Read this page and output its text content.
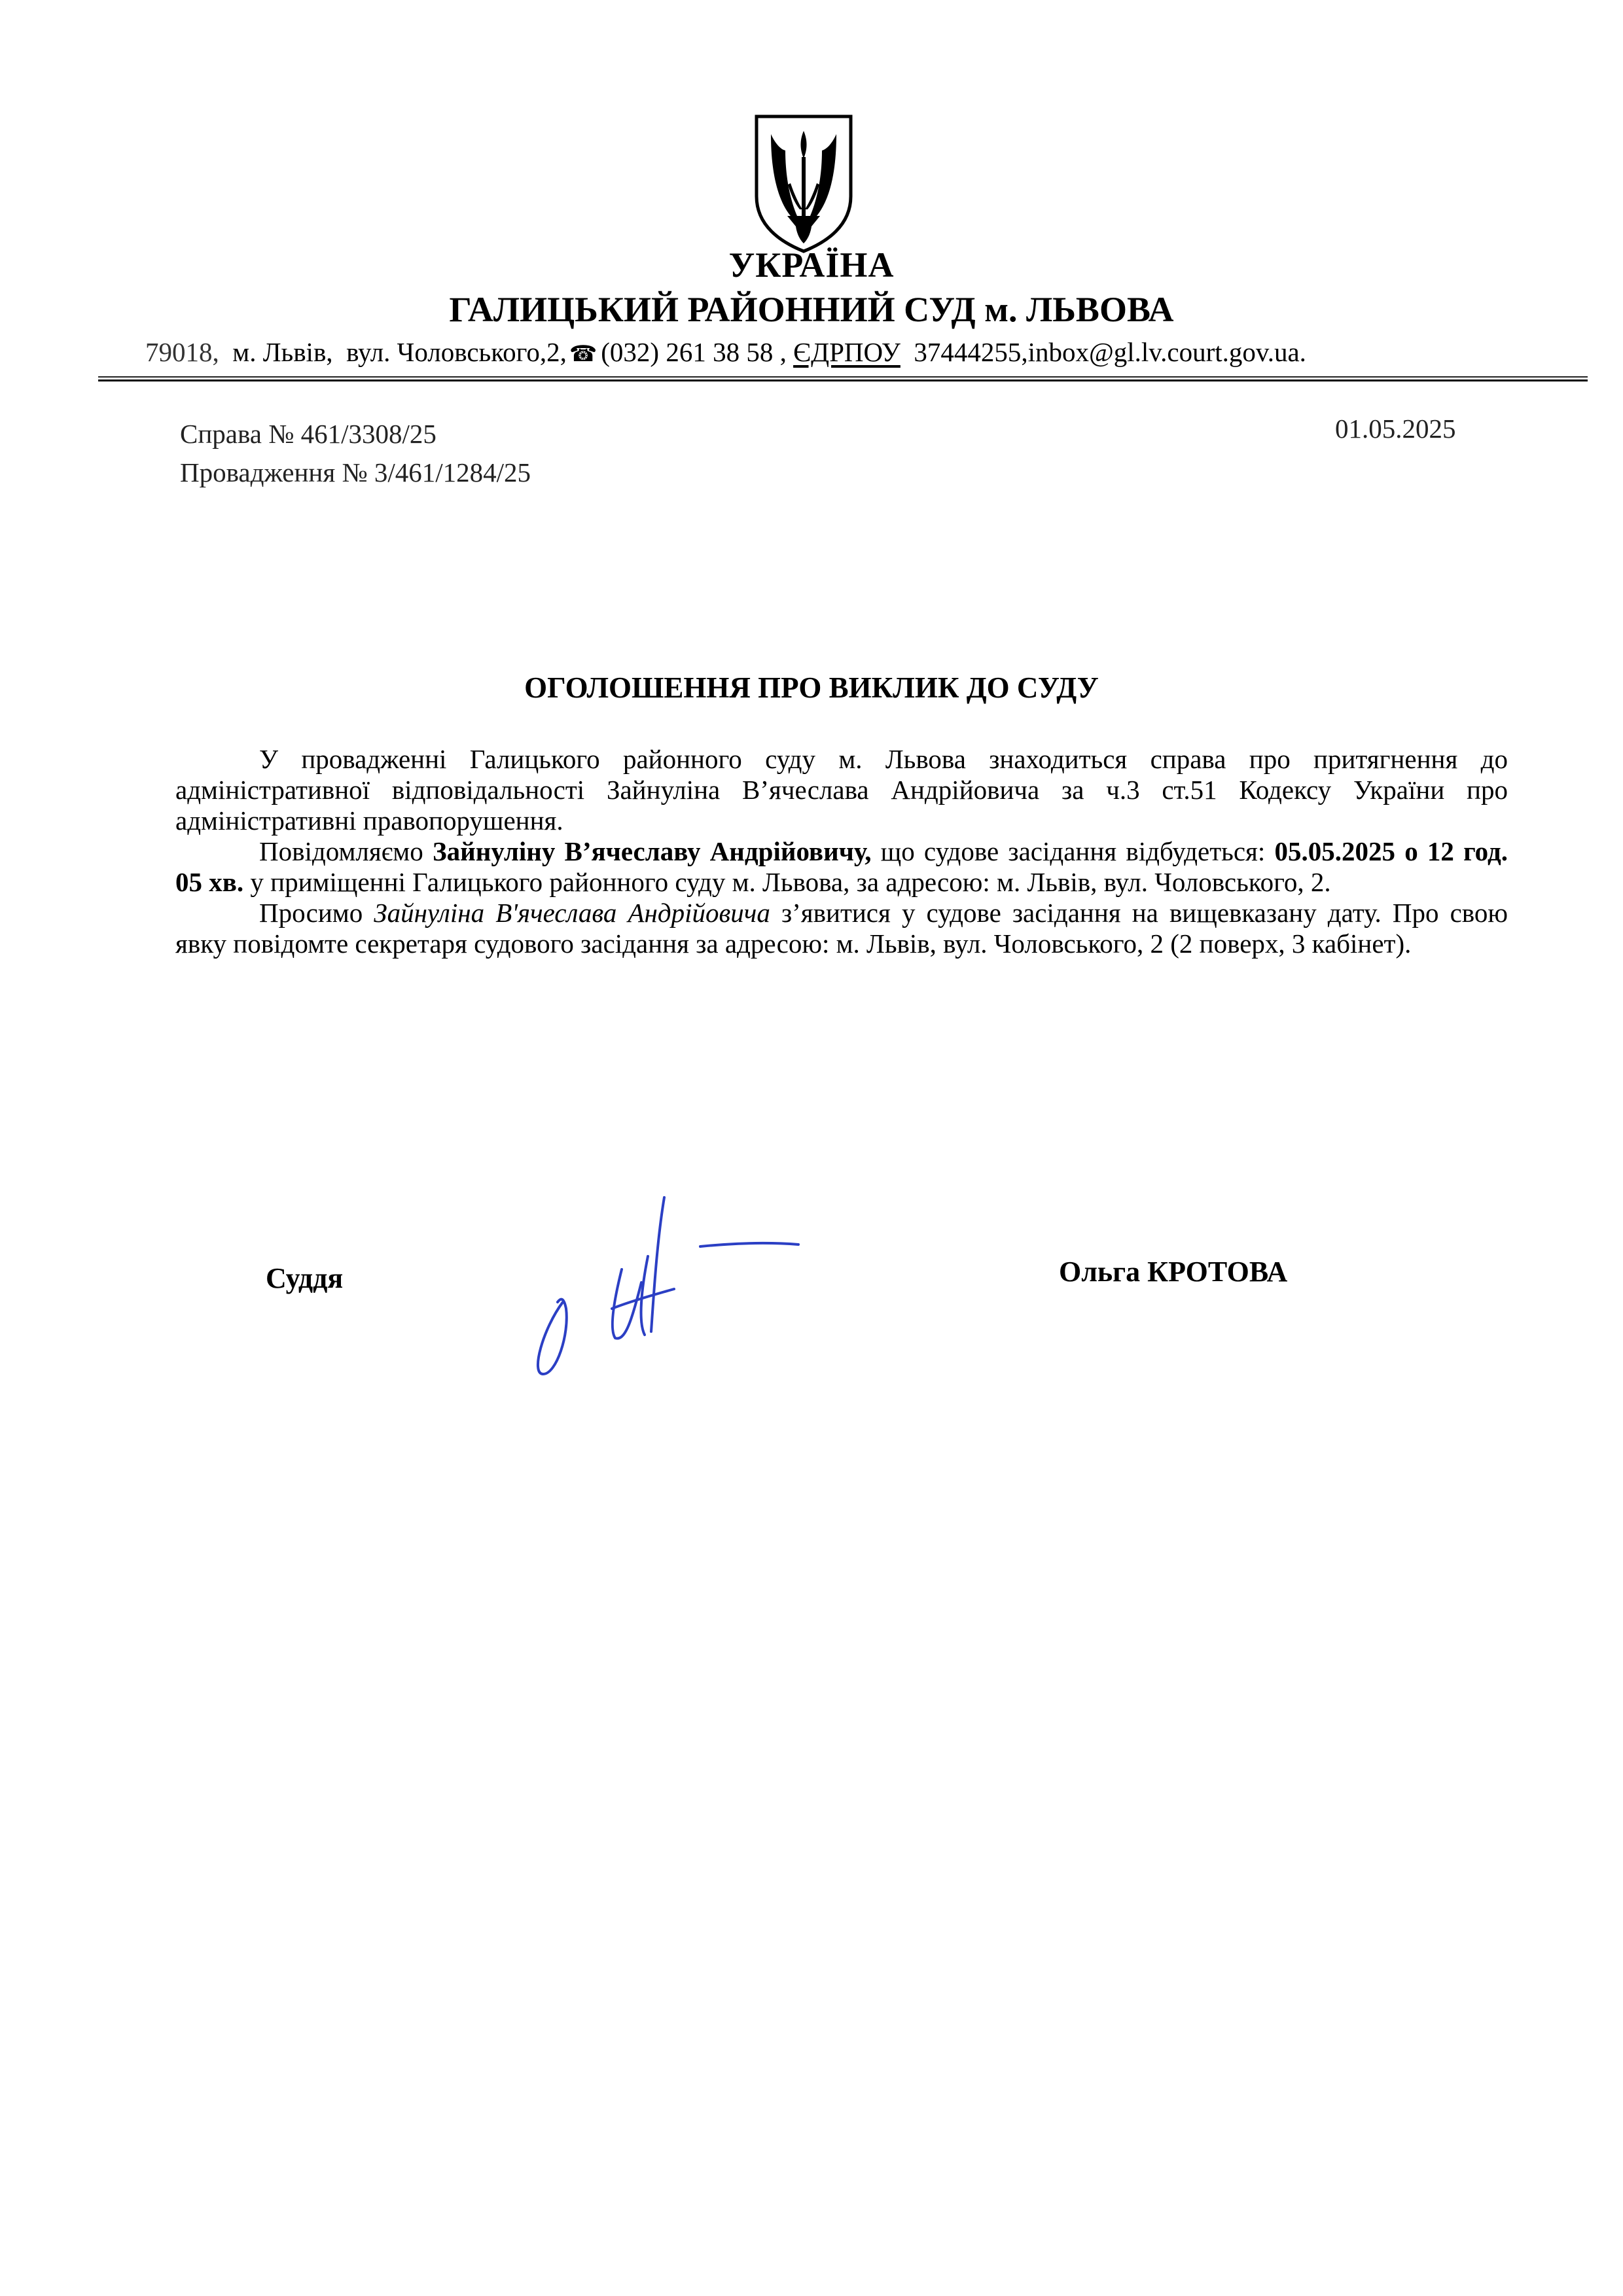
УКРАЇНА
ГАЛИЦЬКИЙ РАЙОННИЙ СУД м. ЛЬВОВА
79018, м. Львів, вул. Чоловського,2, ☎ (032) 261 38 58 , ЄДРПОУ 37444255,inbox@gl.lv.court.gov.ua.
Справа № 461/3308/25
Провадження № 3/461/1284/25
01.05.2025
ОГОЛОШЕННЯ ПРО ВИКЛИК ДО СУДУ

У провадженні Галицького районного суду м. Львова знаходиться справа про притягнення до адміністративної відповідальності Зайнуліна В’ячеслава Андрійовича за ч.3 ст.51 Кодексу України про адміністративні правопорушення.

Повідомляємо Зайнуліну В’ячеславу Андрійовичу, що судове засідання відбудеться: 05.05.2025 о 12 год. 05 хв. у приміщенні Галицького районного суду м. Львова, за адресою: м. Львів, вул. Чоловського, 2.

Просимо Зайнуліна В'ячеслава Андрійовича з’явитися у судове засідання на вищевказану дату. Про свою явку повідомте секретаря судового засідання за адресою: м. Львів, вул. Чоловського, 2 (2 поверх, 3 кабінет).

Суддя	Ольга КРОТОВА
